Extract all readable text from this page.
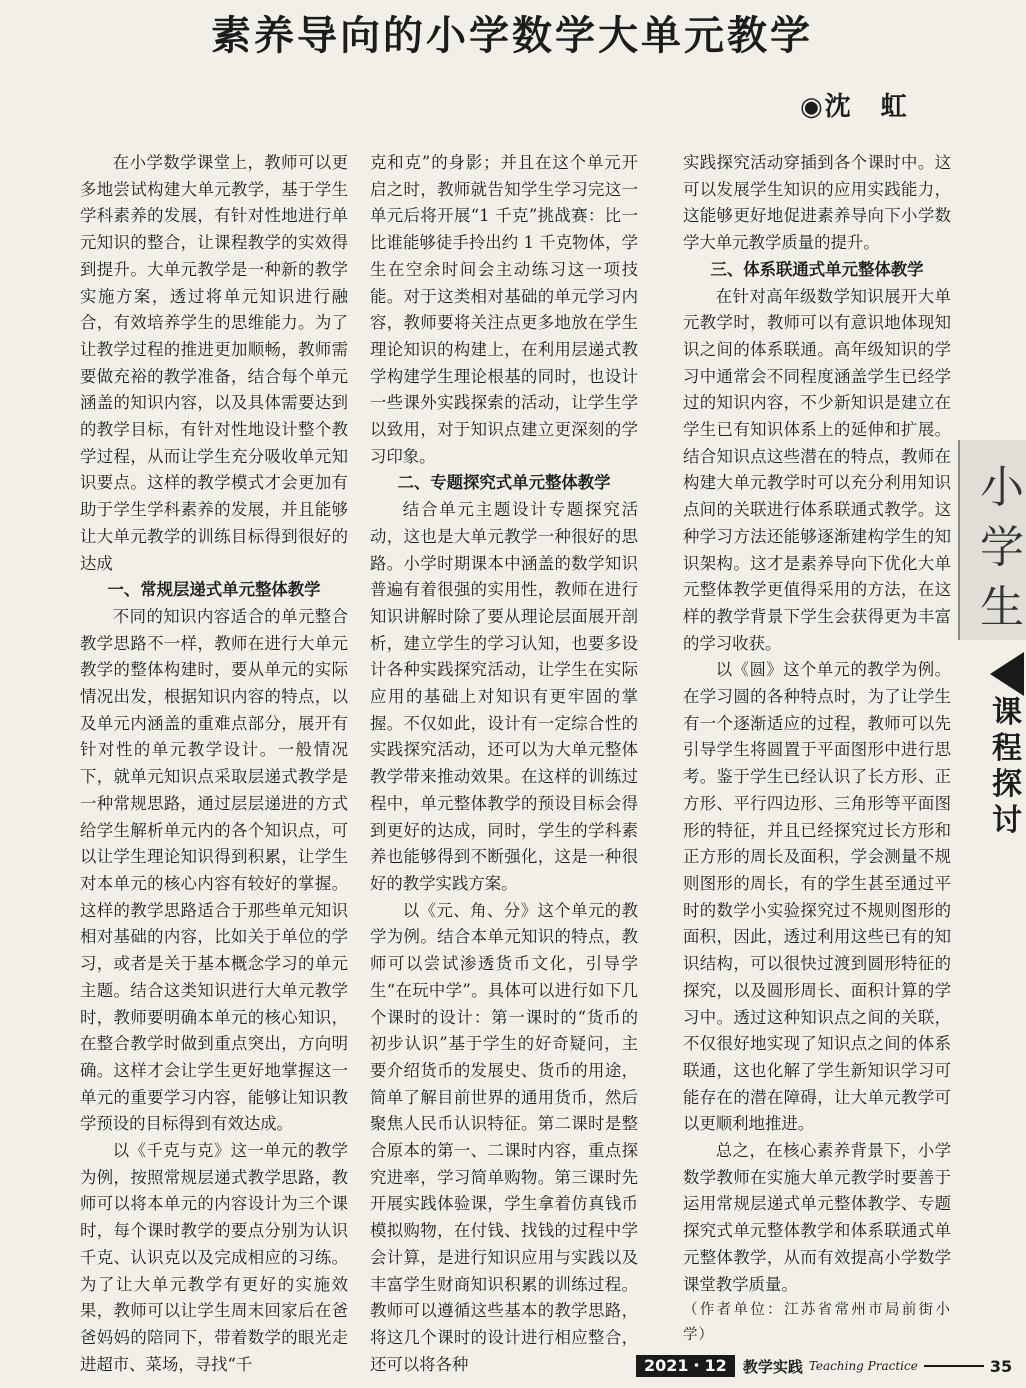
素养导向的小学数学大单元教学
◉沈　虹

在小学数学课堂上，教师可以更多地尝试构建大单元教学，基于学生学科素养的发展，有针对性地进行单元知识的整合，让课程教学的实效得到提升。大单元教学是一种新的教学实施方案，透过将单元知识进行融合，有效培养学生的思维能力。为了让教学过程的推进更加顺畅，教师需要做充裕的教学准备，结合每个单元涵盖的知识内容，以及具体需要达到的教学目标，有针对性地设计整个教学过程，从而让学生充分吸收单元知识要点。这样的教学模式才会更加有助于学生学科素养的发展，并且能够让大单元教学的训练目标得到很好的达成

一、常规层递式单元整体教学

不同的知识内容适合的单元整合教学思路不一样，教师在进行大单元教学的整体构建时，要从单元的实际情况出发，根据知识内容的特点，以及单元内涵盖的重难点部分，展开有针对性的单元教学设计。一般情况下，就单元知识点采取层递式教学是一种常规思路，通过层层递进的方式给学生解析单元内的各个知识点，可以让学生理论知识得到积累，让学生对本单元的核心内容有较好的掌握。这样的教学思路适合于那些单元知识相对基础的内容，比如关于单位的学习，或者是关于基本概念学习的单元主题。结合这类知识进行大单元教学时，教师要明确本单元的核心知识，在整合教学时做到重点突出，方向明确。这样才会让学生更好地掌握这一单元的重要学习内容，能够让知识教学预设的目标得到有效达成。

以《千克与克》这一单元的教学为例，按照常规层递式教学思路，教师可以将本单元的内容设计为三个课时，每个课时教学的要点分别为认识千克、认识克以及完成相应的习练。为了让大单元教学有更好的实施效果，教师可以让学生周末回家后在爸爸妈妈的陪同下，带着数学的眼光走进超市、菜场，寻找“千

克和克”的身影；并且在这个单元开启之时，教师就告知学生学习完这一单元后将开展“1 千克”挑战赛：比一比谁能够徒手拎出约 1 千克物体，学生在空余时间会主动练习这一项技能。对于这类相对基础的单元学习内容，教师要将关注点更多地放在学生理论知识的构建上，在利用层递式教学构建学生理论根基的同时，也设计一些课外实践探索的活动，让学生学以致用，对于知识点建立更深刻的学习印象。

二、专题探究式单元整体教学

结合单元主题设计专题探究活动，这也是大单元教学一种很好的思路。小学时期课本中涵盖的数学知识普遍有着很强的实用性，教师在进行知识讲解时除了要从理论层面展开剖析，建立学生的学习认知，也要多设计各种实践探究活动，让学生在实际应用的基础上对知识有更牢固的掌握。不仅如此，设计有一定综合性的实践探究活动，还可以为大单元整体教学带来推动效果。在这样的训练过程中，单元整体教学的预设目标会得到更好的达成，同时，学生的学科素养也能够得到不断强化，这是一种很好的教学实践方案。

以《元、角、分》这个单元的教学为例。结合本单元知识的特点，教师可以尝试渗透货币文化，引导学生“在玩中学”。具体可以进行如下几个课时的设计：第一课时的“货币的初步认识”基于学生的好奇疑问，主要介绍货币的发展史、货币的用途，简单了解目前世界的通用货币，然后聚焦人民币认识特征。第二课时是整合原本的第一、二课时内容，重点探究进率，学习简单购物。第三课时先开展实践体验课，学生拿着仿真钱币模拟购物，在付钱、找钱的过程中学会计算，是进行知识应用与实践以及丰富学生财商知识积累的训练过程。教师可以遵循这些基本的教学思路，将这几个课时的设计进行相应整合，还可以将各种

实践探究活动穿插到各个课时中。这可以发展学生知识的应用实践能力，这能够更好地促进素养导向下小学数学大单元教学质量的提升。

三、体系联通式单元整体教学

在针对高年级数学知识展开大单元教学时，教师可以有意识地体现知识之间的体系联通。高年级知识的学习中通常会不同程度涵盖学生已经学过的知识内容，不少新知识是建立在学生已有知识体系上的延伸和扩展。结合知识点这些潜在的特点，教师在构建大单元教学时可以充分利用知识点间的关联进行体系联通式教学。这种学习方法还能够逐渐建构学生的知识架构。这才是素养导向下优化大单元整体教学更值得采用的方法，在这样的教学背景下学生会获得更为丰富的学习收获。

以《圆》这个单元的教学为例。在学习圆的各种特点时，为了让学生有一个逐渐适应的过程，教师可以先引导学生将圆置于平面图形中进行思考。鉴于学生已经认识了长方形、正方形、平行四边形、三角形等平面图形的特征，并且已经探究过长方形和正方形的周长及面积，学会测量不规则图形的周长，有的学生甚至通过平时的数学小实验探究过不规则图形的面积，因此，透过利用这些已有的知识结构，可以很快过渡到圆形特征的探究，以及圆形周长、面积计算的学习中。透过这种知识点之间的关联，不仅很好地实现了知识点之间的体系联通，这也化解了学生新知识学习可能存在的潜在障碍，让大单元教学可以更顺利地推进。

总之，在核心素养背景下，小学数学教师在实施大单元教学时要善于运用常规层递式单元整体教学、专题探究式单元整体教学和体系联通式单元整体教学，从而有效提高小学数学课堂教学质量。

（作者单位：江苏省常州市局前街小学）

小
学
生
课
程
探
讨
2021・12	教学实践 Teaching Practice	35
